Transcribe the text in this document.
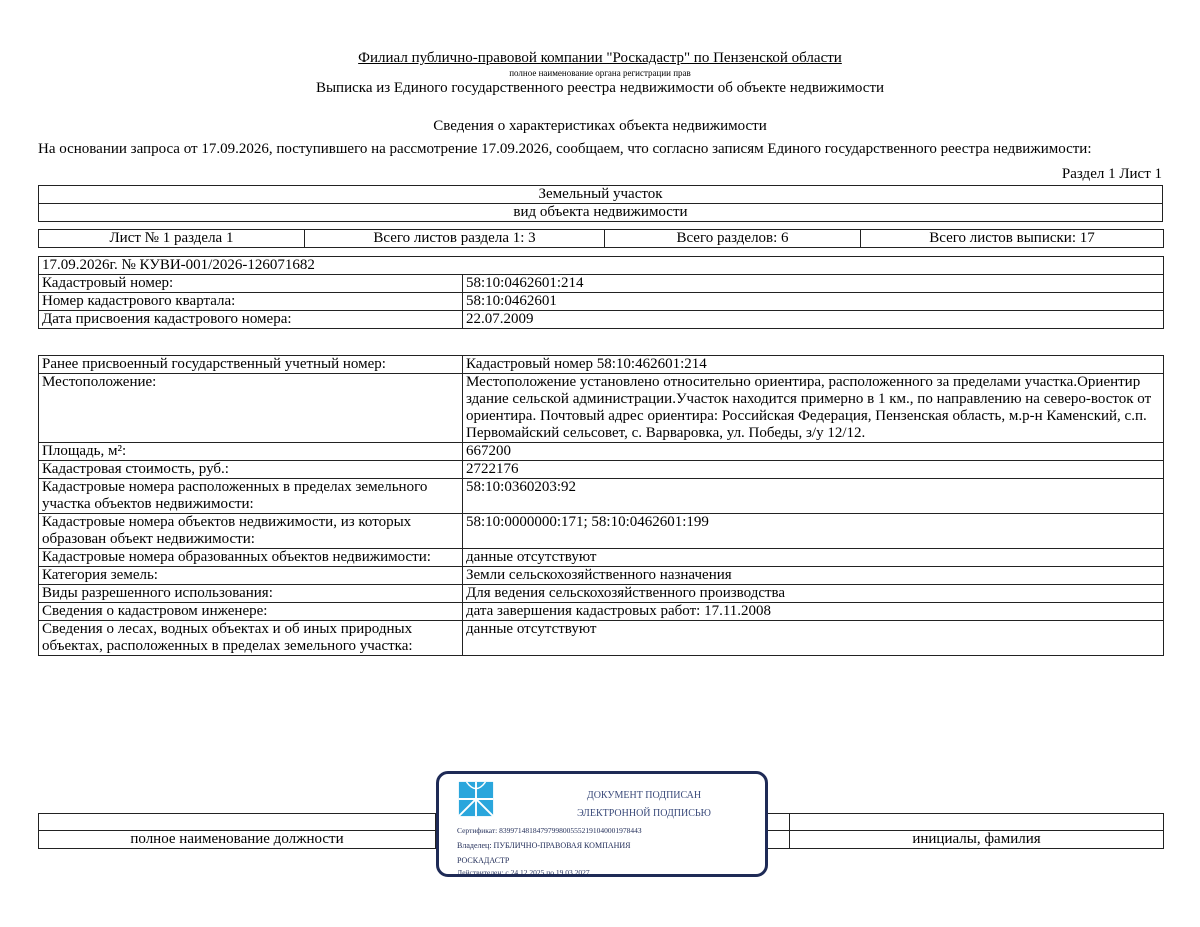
Филиал публично-правовой компании "Роскадастр" по Пензенской области
полное наименование органа регистрации прав
Выписка из Единого государственного реестра недвижимости об объекте недвижимости
Сведения о характеристиках объекта недвижимости
На основании запроса от 17.09.2026, поступившего на рассмотрение 17.09.2026, сообщаем, что согласно записям Единого государственного реестра недвижимости:
Раздел 1 Лист 1
Земельный участок
вид объекта недвижимости
Лист № 1 раздела 1	Всего листов раздела 1: 3	Всего разделов: 6	Всего листов выписки: 17
17.09.2026г. № КУВИ-001/2026-126071682	
Кадастровый номер:	58:10:0462601:214
Номер кадастрового квартала:	58:10:0462601
Дата присвоения кадастрового номера:	22.07.2009
Ранее присвоенный государственный учетный номер:	Кадастровый номер 58:10:462601:214
Местоположение:	Местоположение установлено относительно ориентира, расположенного за пределами участка.Ориентир здание сельской администрации.Участок находится примерно в 1 км., по направлению на северо-восток от ориентира. Почтовый адрес ориентира: Российская Федерация, Пензенская область, м.р-н Каменский, с.п. Первомайский сельсовет, с. Варваровка, ул. Победы, з/у 12/12.
Площадь, м²:	667200
Кадастровая стоимость, руб.:	2722176
Кадастровые номера расположенных в пределах земельного участка объектов недвижимости:	58:10:0360203:92
Кадастровые номера объектов недвижимости, из которых образован объект недвижимости:	58:10:0000000:171; 58:10:0462601:199
Кадастровые номера образованных объектов недвижимости:	данные отсутствуют
Категория земель:	Земли сельскохозяйственного назначения
Виды разрешенного использования:	Для ведения сельскохозяйственного производства
Сведения о кадастровом инженере:	дата завершения кадастровых работ: 17.11.2008
Сведения о лесах, водных объектах и об иных природных объектах, расположенных в пределах земельного участка:	данные отсутствуют

полное наименование должности		инициалы, фамилия
ДОКУМЕНТ ПОДПИСАН
ЭЛЕКТРОННОЙ ПОДПИСЬЮ
Сертификат: 8399714818479799800555219104000197844З
Владелец: ПУБЛИЧНО-ПРАВОВАЯ КОМПАНИЯ
РОСКАДАСТР
Действителен: с 24.12.2025 по 19.03.2027
